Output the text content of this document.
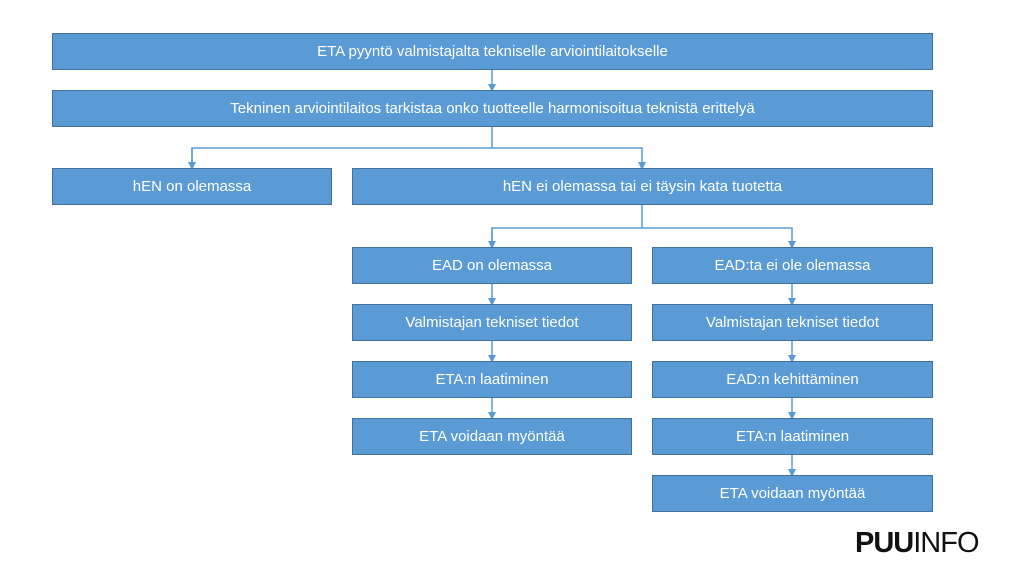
ETA pyyntö valmistajalta tekniselle arviointilaitokselle
Tekninen arviointilaitos tarkistaa onko tuotteelle harmonisoitua teknistä erittelyä
hEN on olemassa	hEN ei olemassa tai ei täysin kata tuotetta
EAD on olemassa	EAD:ta ei ole olemassa
Valmistajan tekniset tiedot
ETA:n laatiminen
ETA voidaan myöntää
Valmistajan tekniset tiedot
EAD:n kehittäminen
ETA:n laatiminen
ETA voidaan myöntää
PUUINFO
